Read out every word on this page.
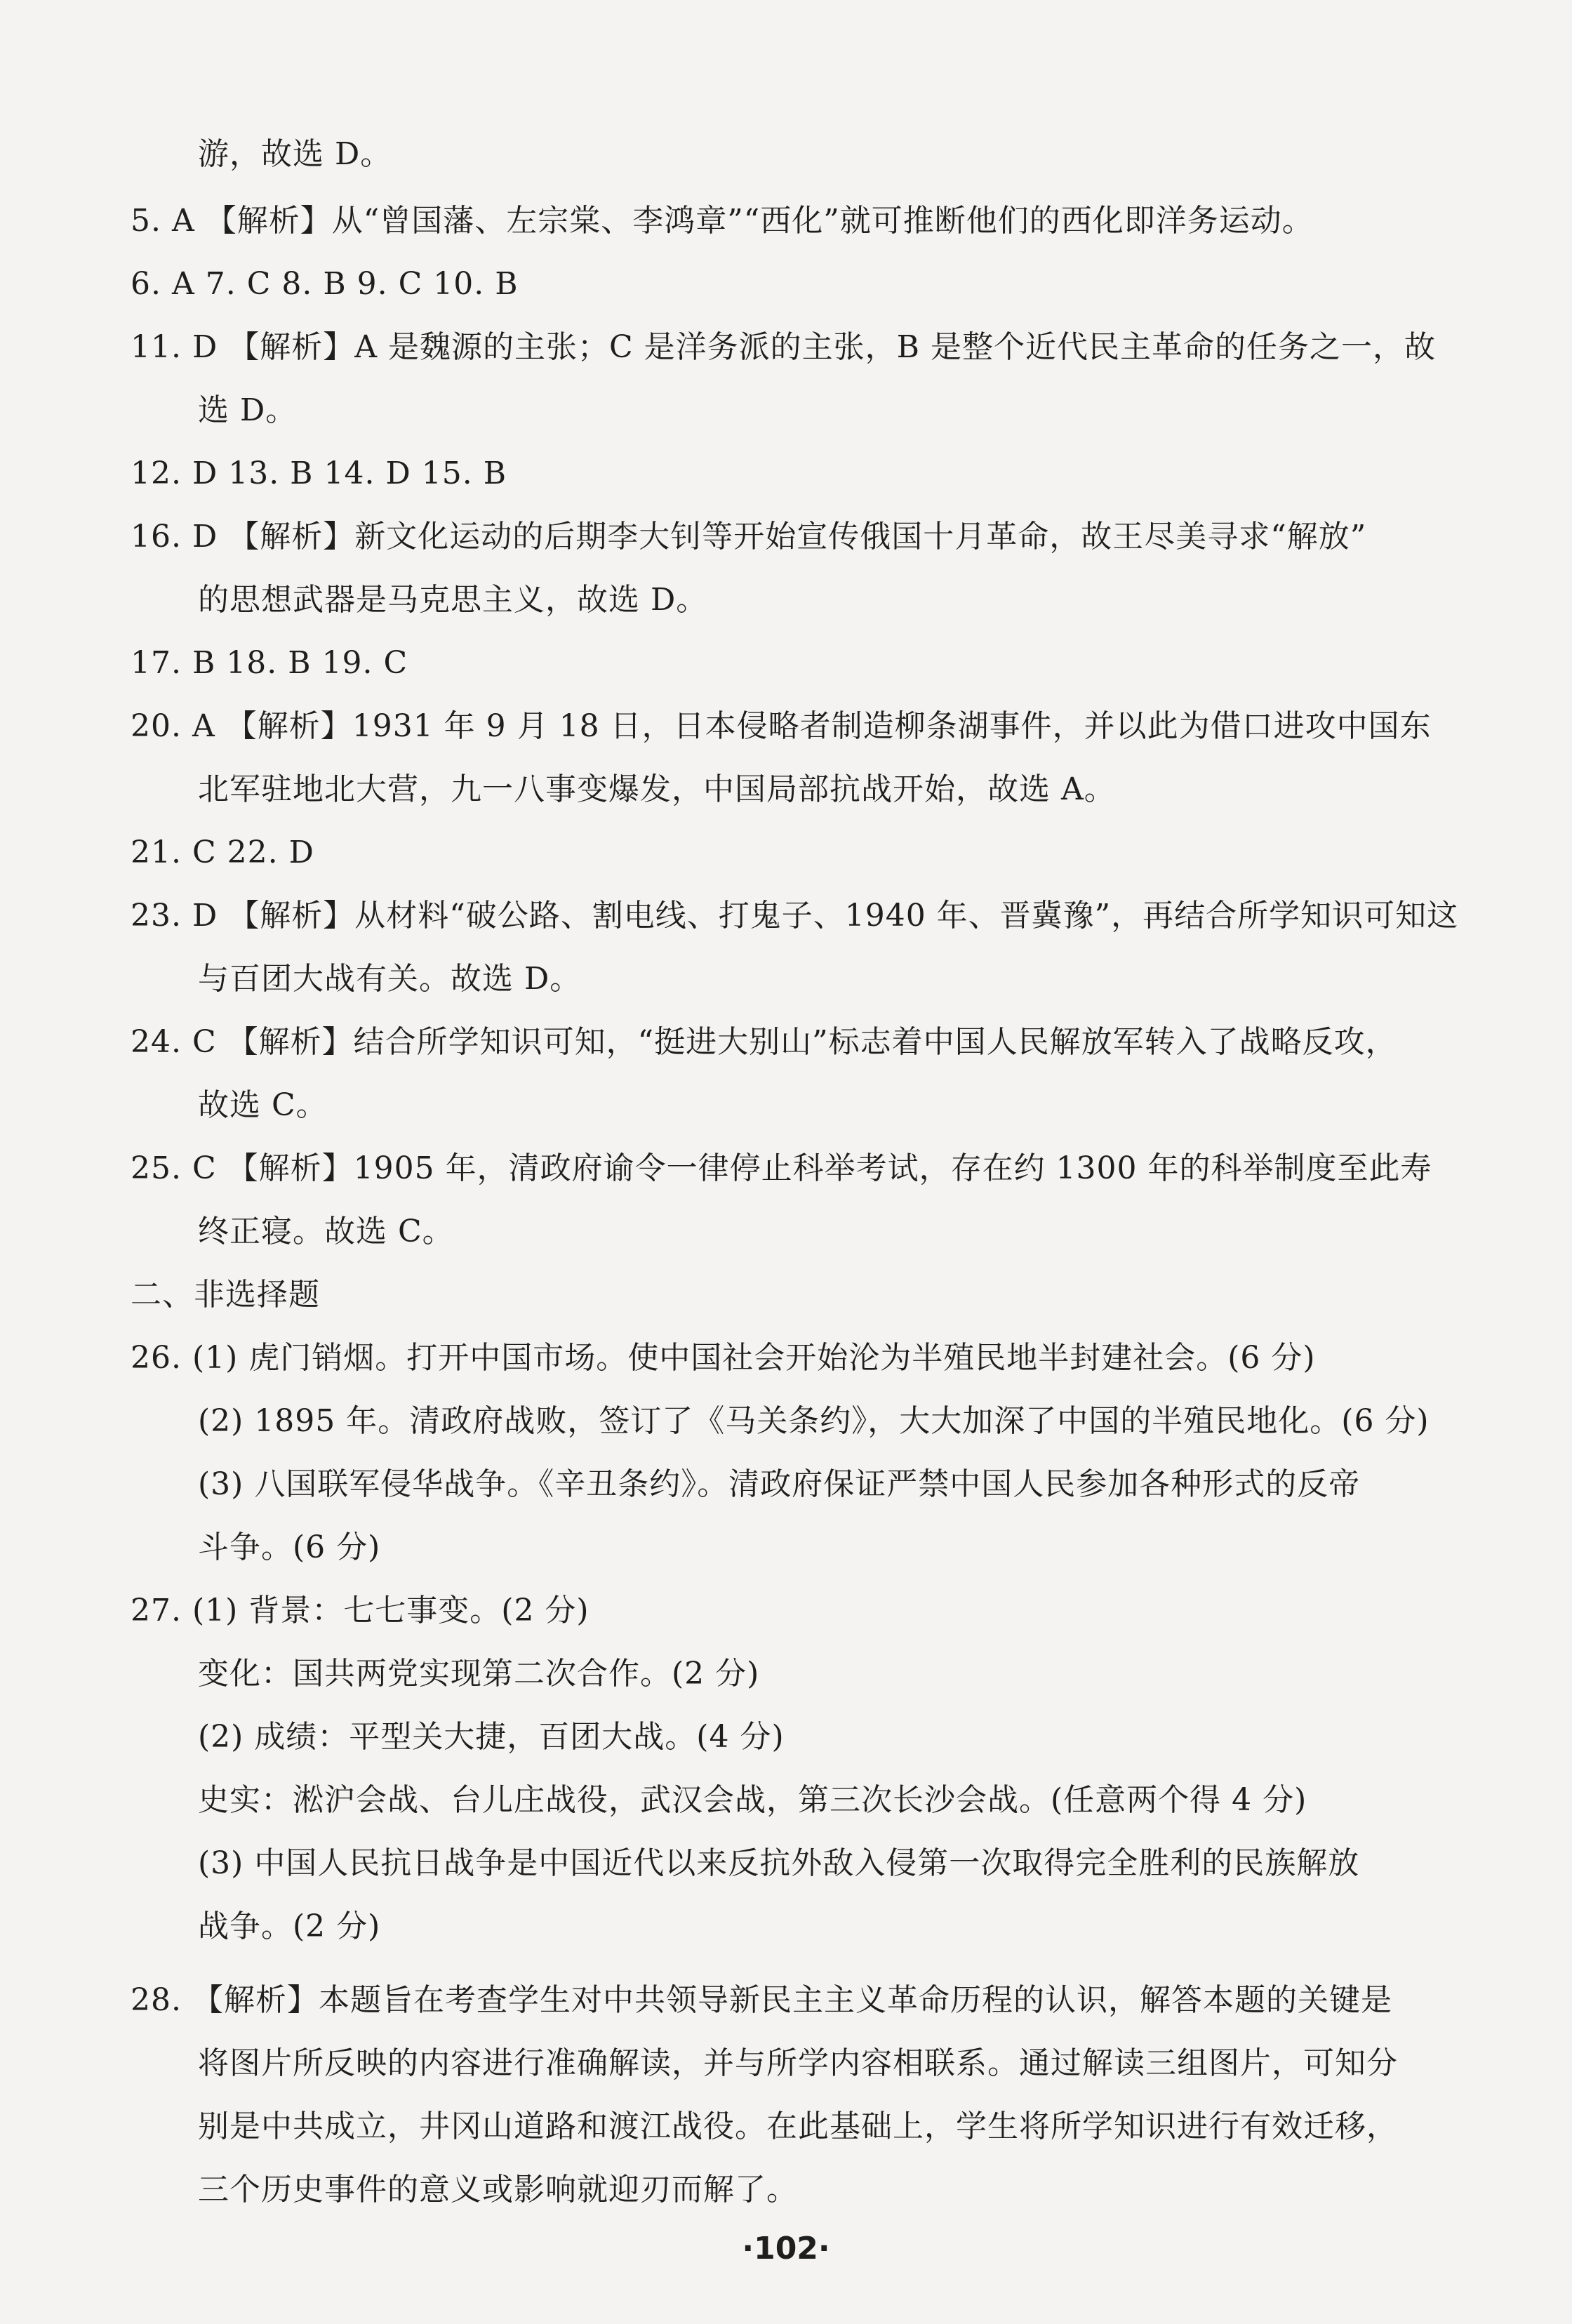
游，故选 D。
5. A 【解析】从“曾国藩、左宗棠、李鸿章”“西化”就可推断他们的西化即洋务运动。
6. A 7. C 8. B 9. C 10. B
11. D 【解析】A 是魏源的主张；C 是洋务派的主张，B 是整个近代民主革命的任务之一，故
选 D。
12. D 13. B 14. D 15. B
16. D 【解析】新文化运动的后期李大钊等开始宣传俄国十月革命，故王尽美寻求“解放”
的思想武器是马克思主义，故选 D。
17. B 18. B 19. C
20. A 【解析】1931 年 9 月 18 日，日本侵略者制造柳条湖事件，并以此为借口进攻中国东
北军驻地北大营，九一八事变爆发，中国局部抗战开始，故选 A。
21. C 22. D
23. D 【解析】从材料“破公路、割电线、打鬼子、1940 年、晋冀豫”，再结合所学知识可知这
与百团大战有关。故选 D。
24. C 【解析】结合所学知识可知，“挺进大别山”标志着中国人民解放军转入了战略反攻，
故选 C。
25. C 【解析】1905 年，清政府谕令一律停止科举考试，存在约 1300 年的科举制度至此寿
终正寝。故选 C。
二、非选择题
26. (1) 虎门销烟。打开中国市场。使中国社会开始沦为半殖民地半封建社会。(6 分)
(2) 1895 年。清政府战败，签订了《马关条约》，大大加深了中国的半殖民地化。(6 分)
(3) 八国联军侵华战争。《辛丑条约》。清政府保证严禁中国人民参加各种形式的反帝
斗争。(6 分)
27. (1) 背景：七七事变。(2 分)
变化：国共两党实现第二次合作。(2 分)
(2) 成绩：平型关大捷，百团大战。(4 分)
史实：淞沪会战、台儿庄战役，武汉会战，第三次长沙会战。(任意两个得 4 分)
(3) 中国人民抗日战争是中国近代以来反抗外敌入侵第一次取得完全胜利的民族解放
战争。(2 分)
28. 【解析】本题旨在考查学生对中共领导新民主主义革命历程的认识，解答本题的关键是
将图片所反映的内容进行准确解读，并与所学内容相联系。通过解读三组图片，可知分
别是中共成立，井冈山道路和渡江战役。在此基础上，学生将所学知识进行有效迁移，
三个历史事件的意义或影响就迎刃而解了。
·102·
